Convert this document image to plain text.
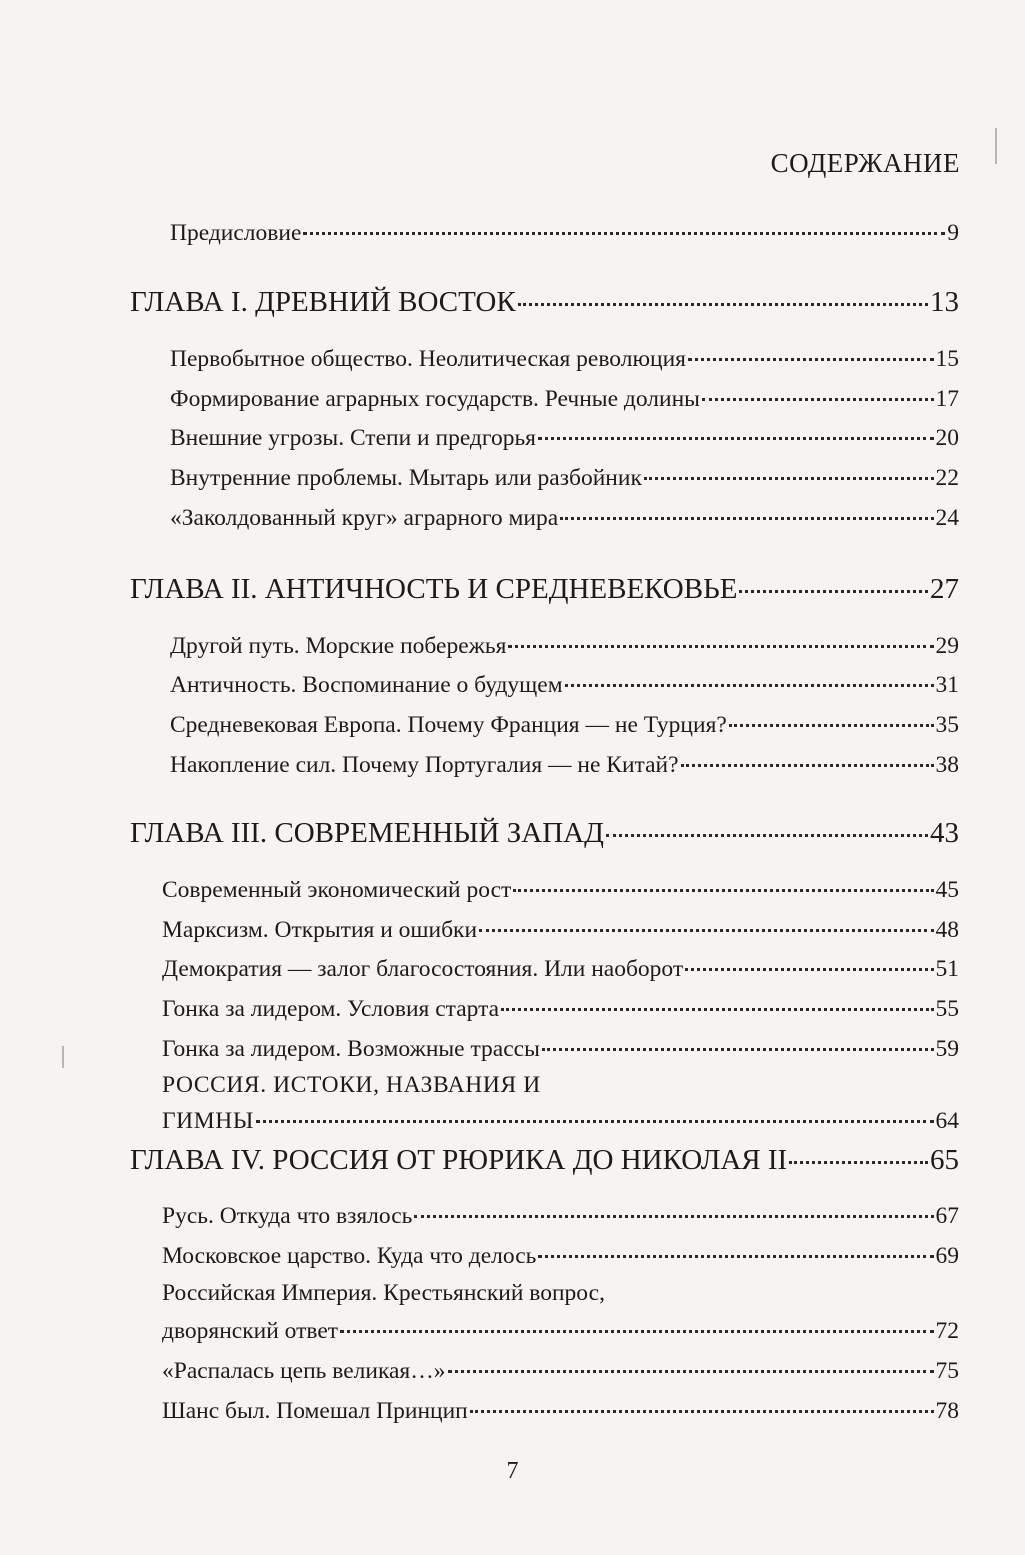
СОДЕРЖАНИЕ
Предисловие	9
ГЛАВА I. ДРЕВНИЙ ВОСТОК	13
Первобытное общество. Неолитическая революция	15
Формирование аграрных государств. Речные долины	17
Внешние угрозы. Степи и предгорья	20
Внутренние проблемы. Мытарь или разбойник	22
«Заколдованный круг» аграрного мира	24
ГЛАВА II. АНТИЧНОСТЬ И СРЕДНЕВЕКОВЬЕ	27
Другой путь. Морские побережья	29
Античность. Воспоминание о будущем	31
Средневековая Европа. Почему Франция — не Турция?	35
Накопление сил. Почему Португалия — не Китай?	38
ГЛАВА III. СОВРЕМЕННЫЙ ЗАПАД	43
Современный экономический рост	45
Марксизм. Открытия и ошибки	48
Демократия — залог благосостояния. Или наоборот	51
Гонка за лидером. Условия старта	55
Гонка за лидером. Возможные трассы	59
РОССИЯ. ИСТОКИ, НАЗВАНИЯ И
ГИМНЫ	64
ГЛАВА IV. РОССИЯ ОТ РЮРИКА ДО НИКОЛАЯ II	65
Русь. Откуда что взялось	67
Московское царство. Куда что делось	69
Российская Империя. Крестьянский вопрос,
дворянский ответ	72
«Распалась цепь великая…»	75
Шанс был. Помешал Принцип	78
7
